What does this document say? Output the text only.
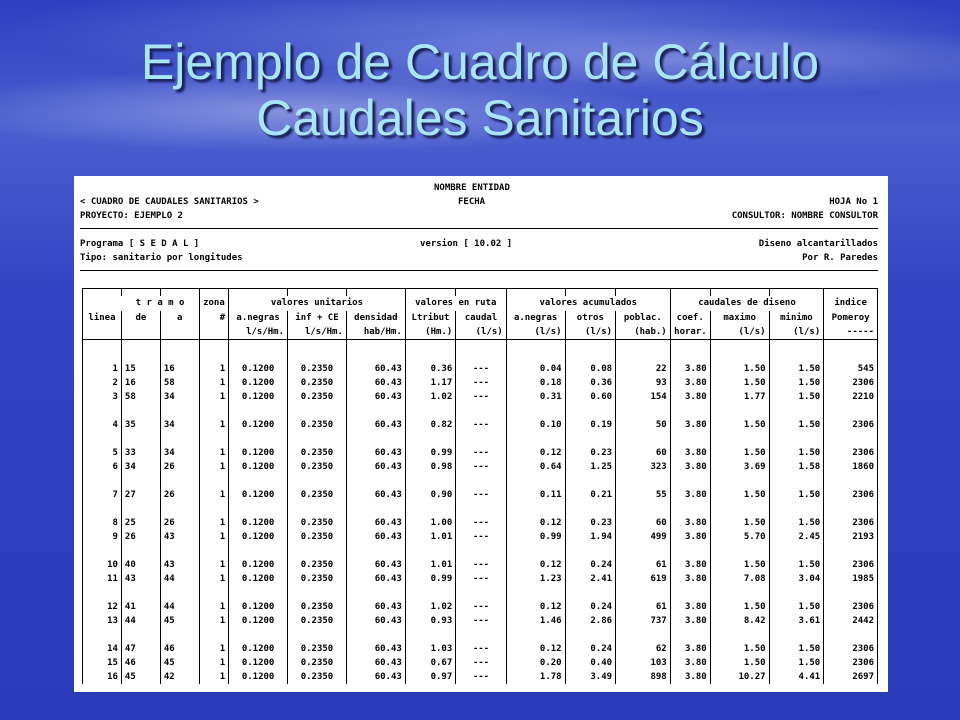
Ejemplo de Cuadro de Cálculo
Caudales Sanitarios
NOMBRE ENTIDAD
< CUADRO DE CAUDALES SANITARIOS >	FECHA	HOJA No 1
PROYECTO: EJEMPLO 2	CONSULTOR: NOMBRE CONSULTOR
Programa [ S E D A L ]	version [ 10.02 ]	Diseno alcantarillados
Tipo: sanitario por longitudes	Por R. Paredes

	t r a m o		zona	valores unitarios			valores en ruta		valores acumulados			caudales de diseno			indice
linea	de	a	#	a.negras	inf + CE	densidad	Ltribut	caudal	a.negras	otros	poblac.	coef.	maximo	minimo	Pomeroy
				l/s/Hm.	l/s/Hm.	hab/Hm.	(Hm.)	(l/s)	(l/s)	(l/s)	(hab.)	horar.	(l/s)	(l/s)	-----

1	15	16	1	0.1200	0.2350	60.43	0.36	---	0.04	0.08	22	3.80	1.50	1.50	545
2	16	58	1	0.1200	0.2350	60.43	1.17	---	0.18	0.36	93	3.80	1.50	1.50	2306
3	58	34	1	0.1200	0.2350	60.43	1.02	---	0.31	0.60	154	3.80	1.77	1.50	2210

4	35	34	1	0.1200	0.2350	60.43	0.82	---	0.10	0.19	50	3.80	1.50	1.50	2306

5	33	34	1	0.1200	0.2350	60.43	0.99	---	0.12	0.23	60	3.80	1.50	1.50	2306
6	34	26	1	0.1200	0.2350	60.43	0.98	---	0.64	1.25	323	3.80	3.69	1.58	1860

7	27	26	1	0.1200	0.2350	60.43	0.90	---	0.11	0.21	55	3.80	1.50	1.50	2306

8	25	26	1	0.1200	0.2350	60.43	1.00	---	0.12	0.23	60	3.80	1.50	1.50	2306
9	26	43	1	0.1200	0.2350	60.43	1.01	---	0.99	1.94	499	3.80	5.70	2.45	2193

10	40	43	1	0.1200	0.2350	60.43	1.01	---	0.12	0.24	61	3.80	1.50	1.50	2306
11	43	44	1	0.1200	0.2350	60.43	0.99	---	1.23	2.41	619	3.80	7.08	3.04	1985

12	41	44	1	0.1200	0.2350	60.43	1.02	---	0.12	0.24	61	3.80	1.50	1.50	2306
13	44	45	1	0.1200	0.2350	60.43	0.93	---	1.46	2.86	737	3.80	8.42	3.61	2442

14	47	46	1	0.1200	0.2350	60.43	1.03	---	0.12	0.24	62	3.80	1.50	1.50	2306
15	46	45	1	0.1200	0.2350	60.43	0.67	---	0.20	0.40	103	3.80	1.50	1.50	2306
16	45	42	1	0.1200	0.2350	60.43	0.97	---	1.78	3.49	898	3.80	10.27	4.41	2697
